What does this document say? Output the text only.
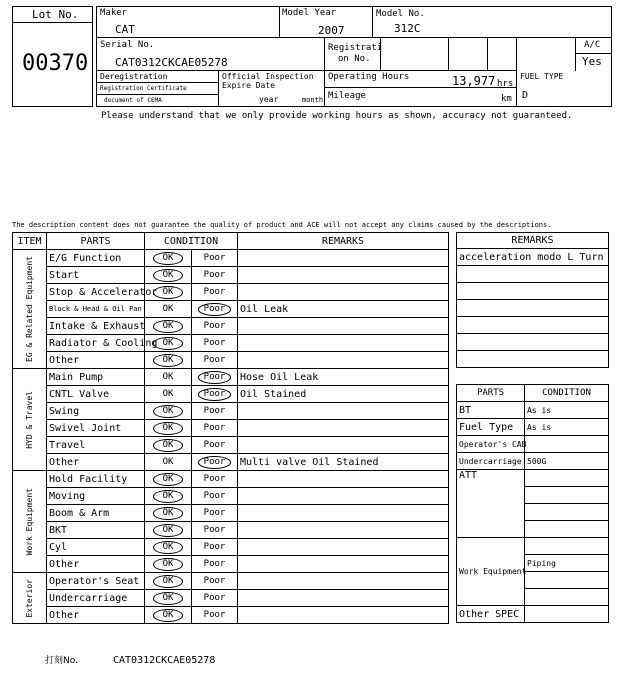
Lot No.
00370
Maker
CAT
Model Year
2007
Model No.
312C
Serial No.
CAT0312CKCAE05278
Registrati
on No.
A/C
Yes
Deregistration
Registration Certificate
document of CEMA
Official Inspection
Expire Date
year	month
Operating Hours	13,977 hrs
Mileage	km
FUEL TYPE
D
Please understand that we only provide working hours as shown, accuracy not guaranteed.
The description content does not guarantee the quality of product and ACE will not accept any claims caused by the descriptions.
ITEM	PARTS	CONDITION		REMARKS

EG & Related Equipment	E/G Function	OK	Poor	
	Start	OK	Poor	
	Stop & Accelerator	OK	Poor	
	Block & Head & Oil Pan	OK	Poor	Oil Leak
	Intake & Exhaust	OK	Poor	
	Radiator & Cooling	OK	Poor	
	Other	OK	Poor	

HYD & Travel	Main Pump	OK	Poor	Hose Oil Leak
	CNTL Valve	OK	Poor	Oil Stained
	Swing	OK	Poor	
	Swivel Joint	OK	Poor	
	Travel	OK	Poor	
	Other	OK	Poor	Multi valve Oil Stained

Work Equipment	Hold Facility	OK	Poor	
	Moving	OK	Poor	
	Boom & Arm	OK	Poor	
	BKT	OK	Poor	
	Cyl	OK	Poor	
	Other	OK	Poor	

Exterior	Operator's Seat	OK	Poor	
	Undercarriage	OK	Poor	
	Other	OK	Poor	
REMARKS
acceleration modo L Turn

PARTS	CONDITION
BT	As is
Fuel Type	As is
Operator's CAB	
Undercarriage	500G
ATT	

Work Equipment	
	Piping

Other SPEC	
打刻No.	CAT0312CKCAE05278
